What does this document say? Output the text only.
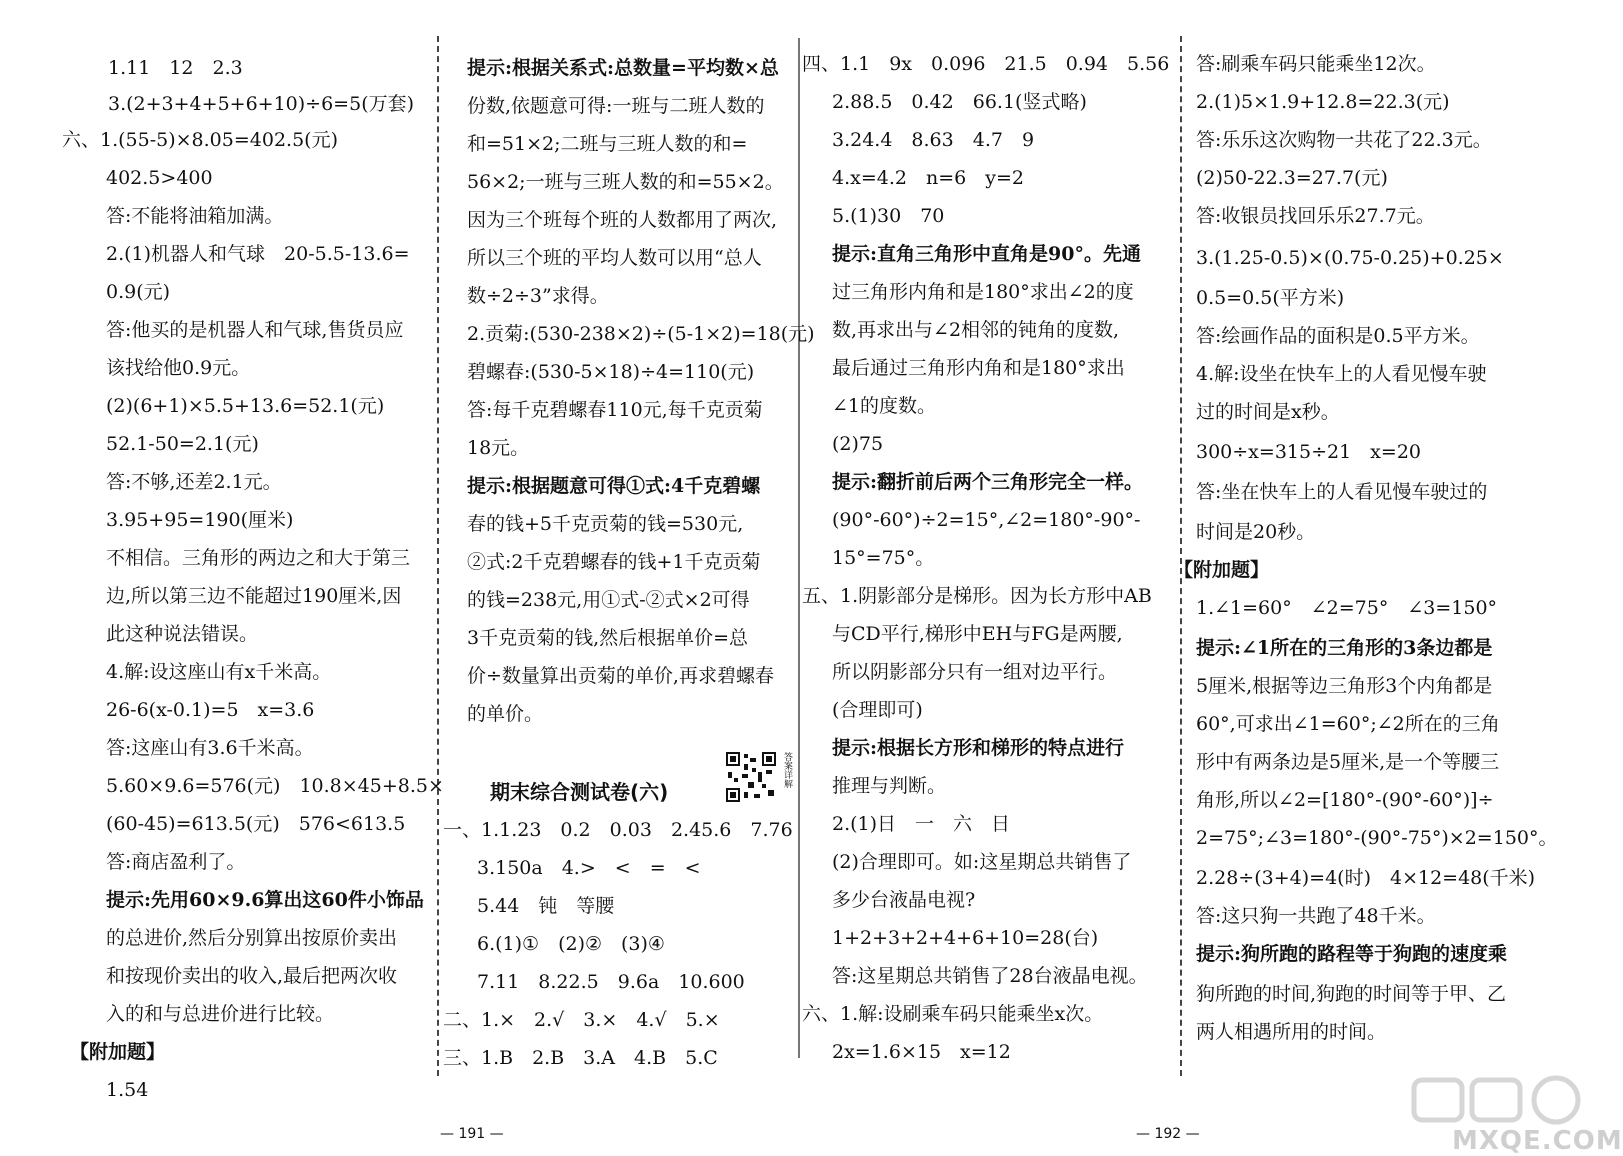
1.11　12　2.3
3.(2+3+4+5+6+10)÷6=5(万套)
六、1.(55-5)×8.05=402.5(元)
402.5>400
答:不能将油箱加满。
2.(1)机器人和气球　20-5.5-13.6=
0.9(元)
答:他买的是机器人和气球,售货员应
该找给他0.9元。
(2)(6+1)×5.5+13.6=52.1(元)
52.1-50=2.1(元)
答:不够,还差2.1元。
3.95+95=190(厘米)
不相信。三角形的两边之和大于第三
边,所以第三边不能超过190厘米,因
此这种说法错误。
4.解:设这座山有x千米高。
26-6(x-0.1)=5　x=3.6
答:这座山有3.6千米高。
5.60×9.6=576(元)　10.8×45+8.5×
(60-45)=613.5(元)　576<613.5
答:商店盈利了。
提示:先用60×9.6算出这60件小饰品
的总进价,然后分别算出按原价卖出
和按现价卖出的收入,最后把两次收
入的和与总进价进行比较。
【附加题】
1.54
提示:根据关系式:总数量=平均数×总
份数,依题意可得:一班与二班人数的
和=51×2;二班与三班人数的和=
56×2;一班与三班人数的和=55×2。
因为三个班每个班的人数都用了两次,
所以三个班的平均人数可以用“总人
数÷2÷3”求得。
2.贡菊:(530-238×2)÷(5-1×2)=18(元)
碧螺春:(530-5×18)÷4=110(元)
答:每千克碧螺春110元,每千克贡菊
18元。
提示:根据题意可得①式:4千克碧螺
春的钱+5千克贡菊的钱=530元,
②式:2千克碧螺春的钱+1千克贡菊
的钱=238元,用①式-②式×2可得
3千克贡菊的钱,然后根据单价=总
价÷数量算出贡菊的单价,再求碧螺春
的单价。
一、1.1.23　0.2　0.03　2.45.6　7.76
3.150a　4.>　<　=　<
5.44　钝　等腰
6.(1)①　(2)②　(3)④
7.11　8.22.5　9.6a　10.600
二、1.×　2.√　3.×　4.√　5.×
三、1.B　2.B　3.A　4.B　5.C
期末综合测试卷(六)
答案详解
四、1.1　9x　0.096　21.5　0.94　5.56
2.88.5　0.42　66.1(竖式略)
3.24.4　8.63　4.7　9
4.x=4.2　n=6　y=2
5.(1)30　70
提示:直角三角形中直角是90°。先通
过三角形内角和是180°求出∠2的度
数,再求出与∠2相邻的钝角的度数,
最后通过三角形内角和是180°求出
∠1的度数。
(2)75
提示:翻折前后两个三角形完全一样。
(90°-60°)÷2=15°,∠2=180°-90°-
15°=75°。
五、1.阴影部分是梯形。因为长方形中AB
与CD平行,梯形中EH与FG是两腰,
所以阴影部分只有一组对边平行。
(合理即可)
提示:根据长方形和梯形的特点进行
推理与判断。
2.(1)日　一　六　日
(2)合理即可。如:这星期总共销售了
多少台液晶电视?
1+2+3+2+4+6+10=28(台)
答:这星期总共销售了28台液晶电视。
六、1.解:设刷乘车码只能乘坐x次。
2x=1.6×15　x=12
答:刷乘车码只能乘坐12次。
2.(1)5×1.9+12.8=22.3(元)
答:乐乐这次购物一共花了22.3元。
(2)50-22.3=27.7(元)
答:收银员找回乐乐27.7元。
3.(1.25-0.5)×(0.75-0.25)+0.25×
0.5=0.5(平方米)
答:绘画作品的面积是0.5平方米。
4.解:设坐在快车上的人看见慢车驶
过的时间是x秒。
300÷x=315÷21　x=20
答:坐在快车上的人看见慢车驶过的
时间是20秒。
【附加题】
1.∠1=60°　∠2=75°　∠3=150°
提示:∠1所在的三角形的3条边都是
5厘米,根据等边三角形3个内角都是
60°,可求出∠1=60°;∠2所在的三角
形中有两条边是5厘米,是一个等腰三
角形,所以∠2=[180°-(90°-60°)]÷
2=75°;∠3=180°-(90°-75°)×2=150°。
2.28÷(3+4)=4(时)　4×12=48(千米)
答:这只狗一共跑了48千米。
提示:狗所跑的路程等于狗跑的速度乘
狗所跑的时间,狗跑的时间等于甲、乙
两人相遇所用的时间。
— 191 —	— 192 —	MXQE.COM
